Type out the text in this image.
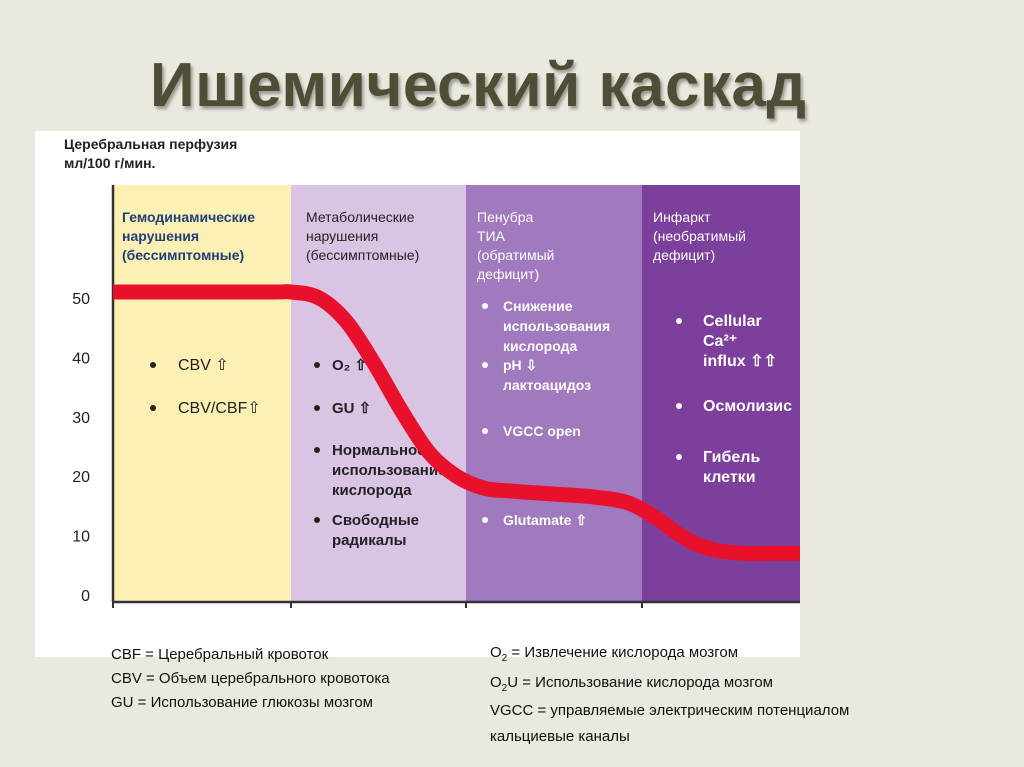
Ишемический каскад
Гемодинамические
нарушения
(бессимптомные)
CBV ⇧
CBV/CBF⇧
Метаболические
нарушения
(бессимптомные)
O₂ ⇧
GU ⇧
Нормальное
использование
кислорода
Свободные
радикалы
Пенубра
ТИА
(обратимый
дефицит)
Снижение
использования
кислорода
pH ⇩
лактоацидоз
VGCC open
Glutamate ⇧
Инфаркт
(необратимый
дефицит)
Cellular
Ca²⁺
influx ⇧⇧
Осмолизис
Гибель
клетки
Церебральная перфузия
мл/100 г/мин.
0
10
20
30
40
50
CBF = Церебральный кровоток
CBV = Объем церебрального кровотока
GU = Использование глюкозы мозгом
$O_2$ = Извлечение кислорода мозгом
$O_2U$ = Использование кислорода мозгом
VGCC = управляемые электрическим потенциалом
кальциевые каналы
